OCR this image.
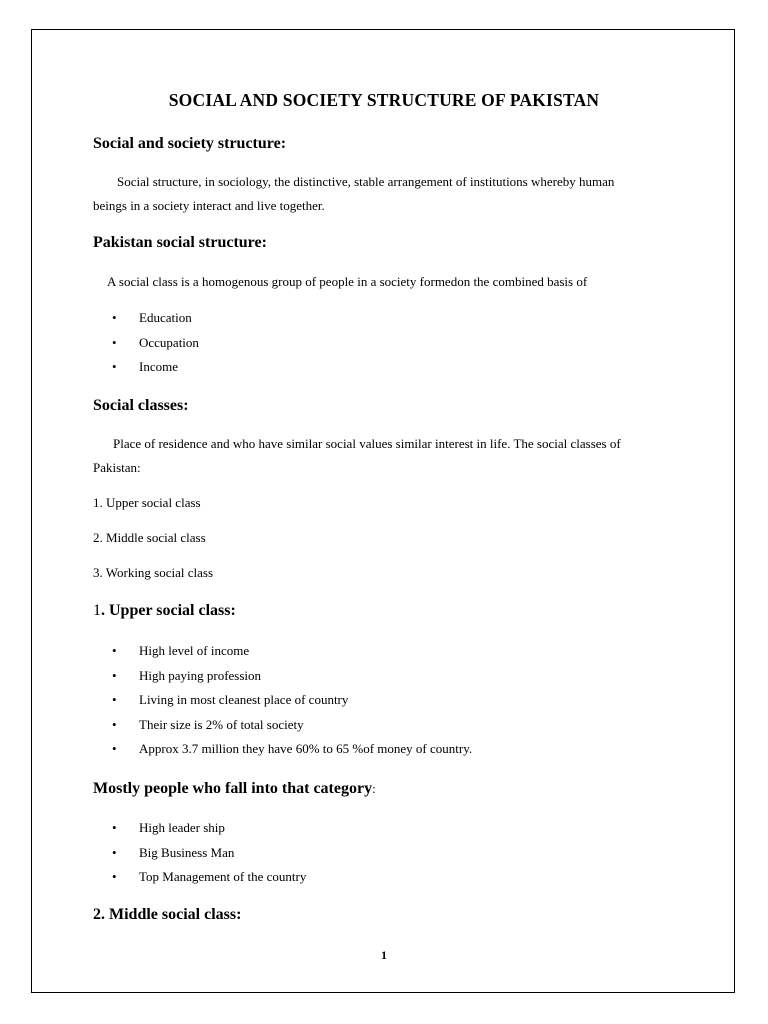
SOCIAL AND SOCIETY STRUCTURE OF PAKISTAN
Social and society structure:
Social structure, in sociology, the distinctive, stable arrangement of institutions whereby human
beings in a society interact and live together.
Pakistan social structure:
A social class is a homogenous group of people in a society formedon the combined basis of
• Education
• Occupation
• Income
Social classes:
Place of residence and who have similar social values similar interest in life. The social classes of
Pakistan:
1. Upper social class
2. Middle social class
3. Working social class
1. Upper social class:
• High level of income
• High paying profession
• Living in most cleanest place of country
• Their size is 2% of total society
• Approx 3.7 million they have 60% to 65 %of money of country.
Mostly people who fall into that category:
• High leader ship
• Big Business Man
• Top Management of the country
2. Middle social class:
1
